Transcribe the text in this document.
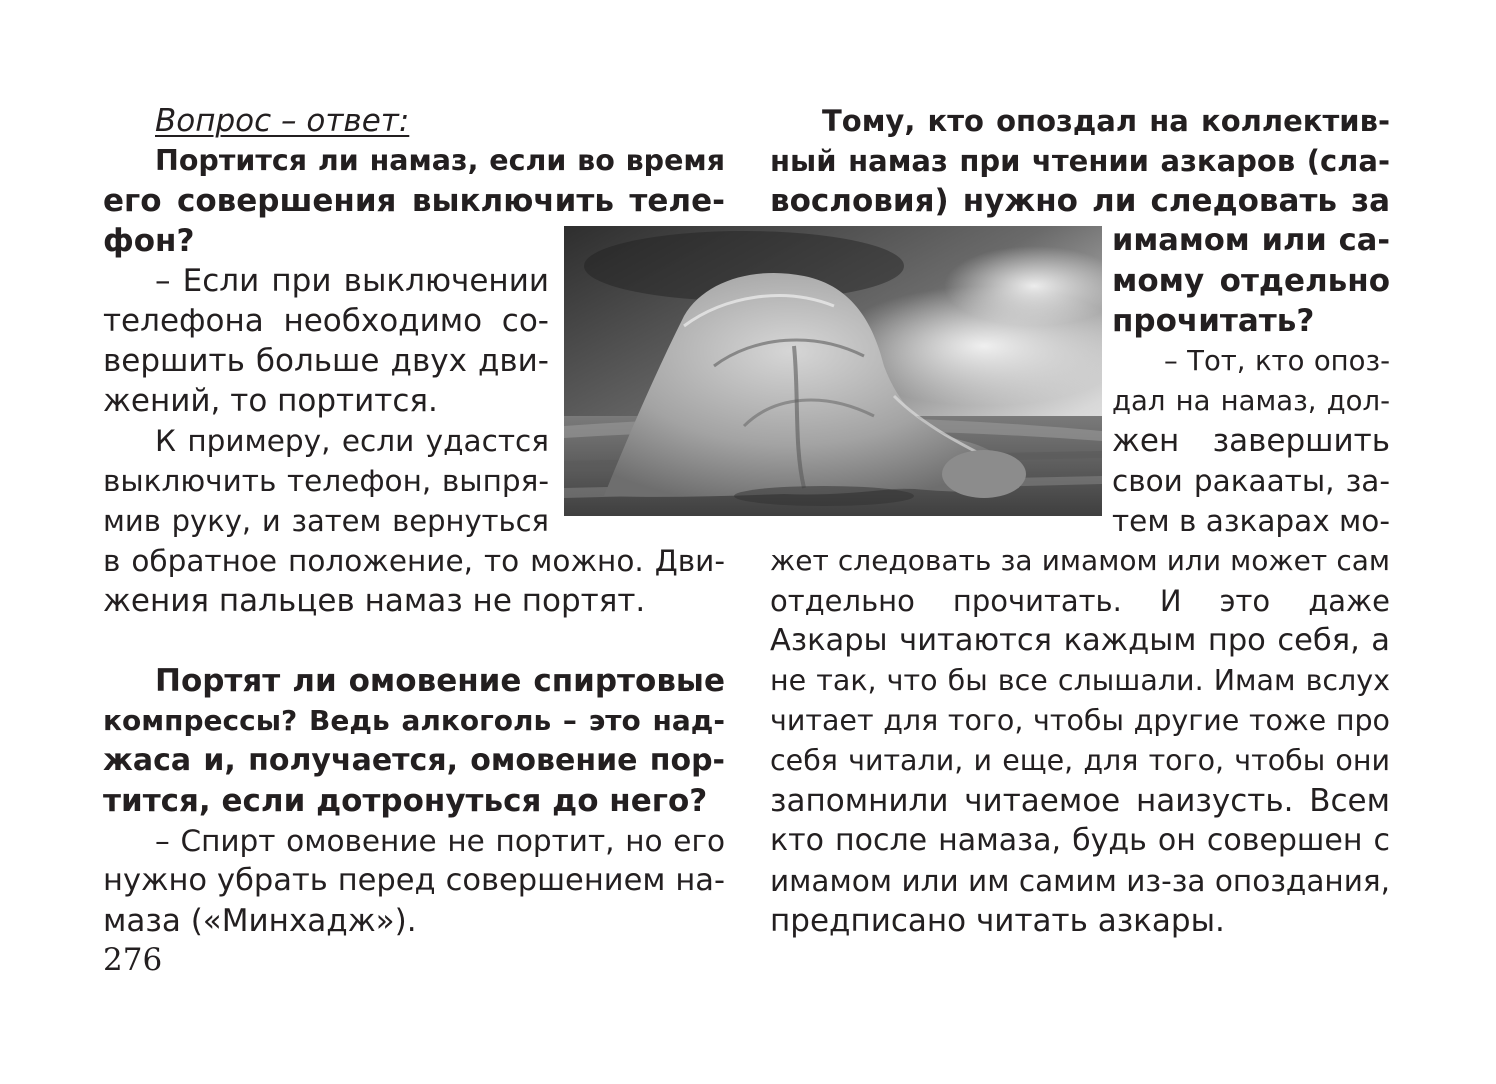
Вопрос – ответ:
Портится ли намаз, если во время
его совершения выключить теле-
фон?
– Если при выключении
телефона необходимо со-
вершить больше двух дви-
жений, то портится.
К примеру, если удастся
выключить телефон, выпря-
мив руку, и затем вернуться
в обратное положение, то можно. Дви-
жения пальцев намаз не портят.
Портят ли омовение спиртовые
компрессы? Ведь алкоголь – это над-
жаса и, получается, омовение пор-
тится, если дотронуться до него?
– Спирт омовение не портит, но его
нужно убрать перед совершением на-
маза («Минхадж»).
276
Тому, кто опоздал на коллектив-
ный намаз при чтении азкаров (сла-
вословия) нужно ли следовать за
имамом или са-
мому отдельно
прочитать?
– Тот, кто опоз-
дал на намаз, дол-
жен завершить
свои ракааты, за-
тем в азкарах мо-
жет следовать за имамом или может сам
отдельно прочитать. И это даже
Азкары читаются каждым про себя, а
не так, что бы все слышали. Имам вслух
читает для того, чтобы другие тоже про
себя читали, и еще, для того, чтобы они
запомнили читаемое наизусть. Всем
кто после намаза, будь он совершен с
имамом или им самим из-за опоздания,
предписано читать азкары.
